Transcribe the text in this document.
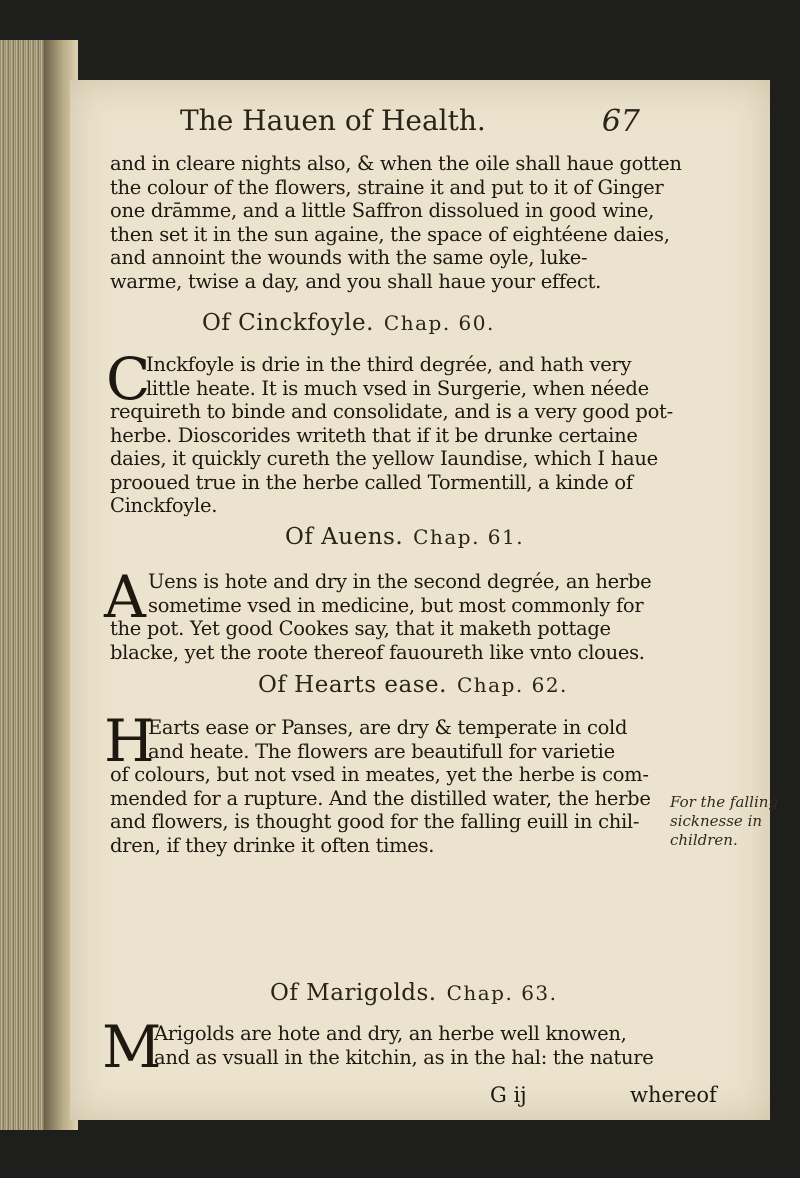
The Hauen of Health.	67
and in cleare nights also, & when the oile shall haue gotten
the colour of the flowers, straine it and put to it of Ginger
one drāmme, and a little Saffron dissolued in good wine,
then set it in the sun againe, the space of eightéene daies,
and annoint the wounds with the same oyle, luke-
warme, twise a day, and you shall haue your effect.
Of Cinckfoyle. Chap. 60.
C
Inckfoyle is drie in the third degrée, and hath very
little heate. It is much vsed in Surgerie, when néede
requireth to binde and consolidate, and is a very good pot-
herbe. Dioscorides writeth that if it be drunke certaine
daies, it quickly cureth the yellow Iaundise, which I haue
prooued true in the herbe called Tormentill, a kinde of
Cinckfoyle.
Of Auens. Chap. 61.
A Uens is hote and dry in the second degrée, an herbe
sometime vsed in medicine, but most commonly for
the pot. Yet good Cookes say, that it maketh pottage
blacke, yet the roote thereof fauoureth like vnto cloues.
Of Hearts ease. Chap. 62.
H
Earts ease or Panses, are dry & temperate in cold
and heate. The flowers are beautifull for varietie
of colours, but not vsed in meates, yet the herbe is com-
mended for a rupture. And the distilled water, the herbe
and flowers, is thought good for the falling euill in chil-
dren, if they drinke it often times.
For the falling
sicknesse in
children.
Of Marigolds. Chap. 63.
M
Arigolds are hote and dry, an herbe well knowen,
and as vsuall in the kitchin, as in the hal: the nature
G ij	whereof
